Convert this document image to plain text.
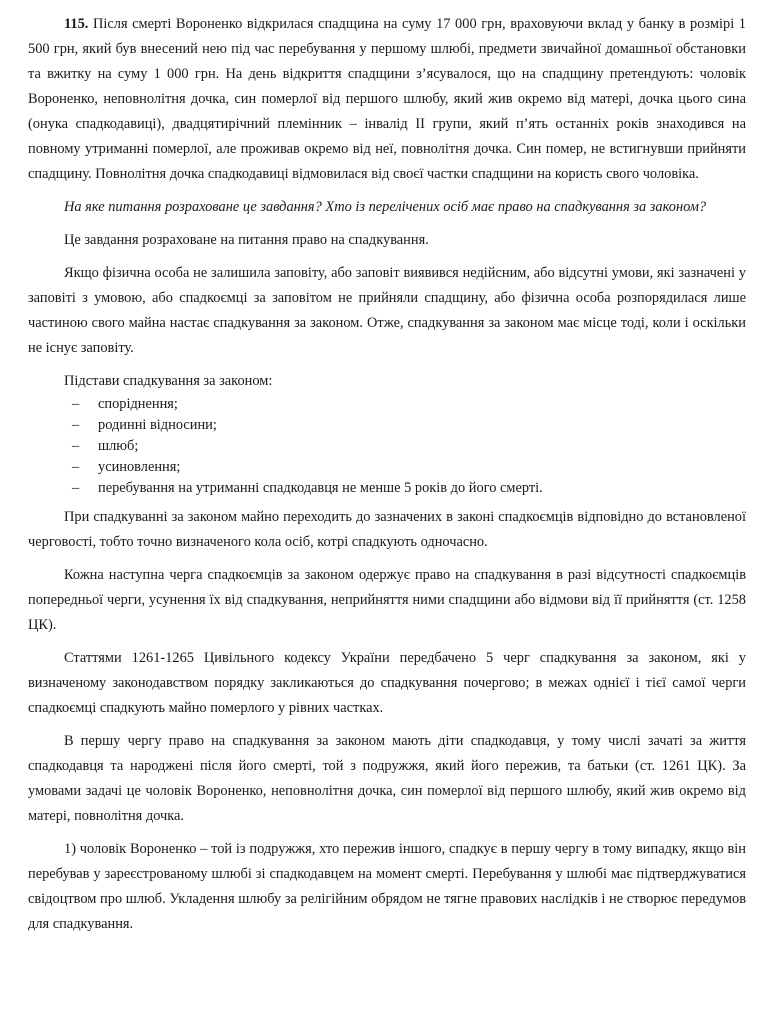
115. Після смерті Вороненко відкрилася спадщина на суму 17 000 грн, враховуючи вклад у банку в розмірі 1 500 грн, який був внесений нею під час перебування у першому шлюбі, предмети звичайної домашньої обстановки та вжитку на суму 1 000 грн. На день відкриття спадщини з’ясувалося, що на спадщину претендують: чоловік Вороненко, неповнолітня дочка, син померлої від першого шлюбу, який жив окремо від матері, дочка цього сина (онука спадкодавиці), двадцятирічний племінник – інвалід ІІ групи, який п’ять останніх років знаходився на повному утриманні померлої, але проживав окремо від неї, повнолітня дочка. Син помер, не встигнувши прийняти спадщину. Повнолітня дочка спадкодавиці відмовилася від своєї частки спадщини на користь свого чоловіка.

На яке питання розраховане це завдання? Хто із перелічених осіб має право на спадкування за законом?

Це завдання розраховане на питання право на спадкування.

Якщо фізична особа не залишила заповіту, або заповіт виявився недійсним, або відсутні умови, які зазначені у заповіті з умовою, або спадкоємці за заповітом не прийняли спадщину, або фізична особа розпорядилася лише частиною свого майна настає спадкування за законом. Отже, спадкування за законом має місце тоді, коли і оскільки не існує заповіту.

Підстави спадкування за законом:

– споріднення;
– родинні відносини;
– шлюб;
– усиновлення;
– перебування на утриманні спадкодавця не менше 5 років до його смерті.

При спадкуванні за законом майно переходить до зазначених в законі спадкоємців відповідно до встановленої черговості, тобто точно визначеного кола осіб, котрі спадкують одночасно.

Кожна наступна черга спадкоємців за законом одержує право на спадкування в разі відсутності спадкоємців попередньої черги, усунення їх від спадкування, неприйняття ними спадщини або відмови від її прийняття (ст. 1258 ЦК).

Статтями 1261-1265 Цивільного кодексу України передбачено 5 черг спадкування за законом, які у визначеному законодавством порядку закликаються до спадкування почергово; в межах однієї і тієї самої черги спадкоємці спадкують майно померлого у рівних частках.

В першу чергу право на спадкування за законом мають діти спадкодавця, у тому числі зачаті за життя спадкодавця та народжені після його смерті, той з подружжя, який його пережив, та батьки (ст. 1261 ЦК). За умовами задачі це чоловік Вороненко, неповнолітня дочка, син померлої від першого шлюбу, який жив окремо від матері, повнолітня дочка.

1) чоловік Вороненко – той із подружжя, хто пережив іншого, спадкує в першу чергу в тому випадку, якщо він перебував у зареєстрованому шлюбі зі спадкодавцем на момент смерті. Перебування у шлюбі має підтверджуватися свідоцтвом про шлюб. Укладення шлюбу за релігійним обрядом не тягне правових наслідків і не створює передумов для спадкування.
